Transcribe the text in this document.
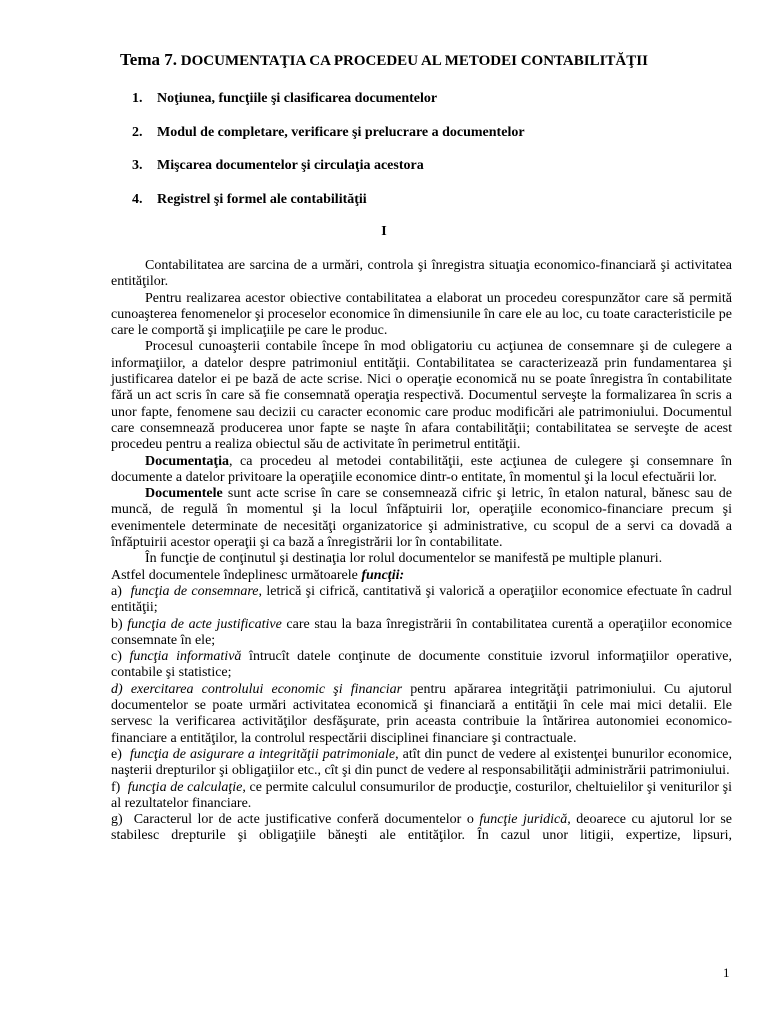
Tema 7. DOCUMENTAŢIA CA PROCEDEU AL METODEI CONTABILITĂŢII
1. Noţiunea, funcţiile şi clasificarea documentelor
2. Modul de completare, verificare şi prelucrare a documentelor
3. Mişcarea documentelor şi circulaţia acestora
4. Registrel şi formel ale contabilităţii

I

Contabilitatea are sarcina de a urmări, controla şi înregistra situaţia economico-financiară şi activitatea entităţilor.

Pentru realizarea acestor obiective contabilitatea a elaborat un procedeu corespunzător care să permită cunoaşterea fenomenelor şi proceselor economice în dimensiunile în care ele au loc, cu toate caracteristicile pe care le comportă şi implicaţiile pe care le produc.

Procesul cunoaşterii contabile începe în mod obligatoriu cu acţiunea de consemnare şi de culegere a informaţiilor, a datelor despre patrimoniul entităţii. Contabilitatea se caracterizează prin fundamentarea şi justificarea datelor ei pe bază de acte scrise. Nici o operaţie economică nu se poate înregistra în contabilitate fără un act scris în care să fie consemnată operaţia respectivă. Documentul serveşte la formalizarea în scris a unor fapte, fenomene sau decizii cu caracter economic care produc modificări ale patrimoniului. Documentul care consemnează producerea unor fapte se naşte în afara contabilităţii; contabilitatea se serveşte de acest procedeu pentru a realiza obiectul său de activitate în perimetrul entităţii.

Documentaţia, ca procedeu al metodei contabilităţii, este acţiunea de culegere şi consemnare în documente a datelor privitoare la operaţiile economice dintr-o entitate, în momentul şi la locul efectuării lor.

Documentele sunt acte scrise în care se consemnează cifric şi letric, în etalon natural, bănesc sau de muncă, de regulă în momentul şi la locul înfăptuirii lor, operaţiile economico-financiare precum şi evenimentele determinate de necesităţi organizatorice şi administrative, cu scopul de a servi ca dovadă a înfăptuirii acestor operaţii şi ca bază a înregistrării lor în contabilitate.

În funcţie de conţinutul şi destinaţia lor rolul documentelor se manifestă pe multiple planuri.

Astfel documentele îndeplinesc următoarele funcţii:

a) funcţia de consemnare, letrică şi cifrică, cantitativă şi valorică a operaţiilor economice efectuate în cadrul entităţii;

b) funcţia de acte justificative care stau la baza înregistrării în contabilitatea curentă a operaţiilor economice consemnate în ele;

c) funcţia informativă întrucît datele conţinute de documente constituie izvorul informaţiilor operative, contabile şi statistice;

d) exercitarea controlului economic şi financiar pentru apărarea integrităţii patrimoniului. Cu ajutorul documentelor se poate urmări activitatea economică şi financiară a entităţii în cele mai mici detalii. Ele servesc la verificarea activităţilor desfăşurate, prin aceasta contribuie la întărirea autonomiei economico-financiare a entităţilor, la controlul respectării disciplinei financiare şi contractuale.

e) funcţia de asigurare a integrităţii patrimoniale, atît din punct de vedere al existenţei bunurilor economice, naşterii drepturilor şi obligaţiilor etc., cît şi din punct de vedere al responsabilităţii administrării patrimoniului.

f) funcţia de calculaţie, ce permite calculul consumurilor de producţie, costurilor, cheltuielilor şi veniturilor şi al rezultatelor financiare.

g) Caracterul lor de acte justificative conferă documentelor o funcţie juridică, deoarece cu ajutorul lor se stabilesc drepturile şi obligaţiile băneşti ale entităţilor. În cazul unor litigii, expertize, lipsuri,

1
